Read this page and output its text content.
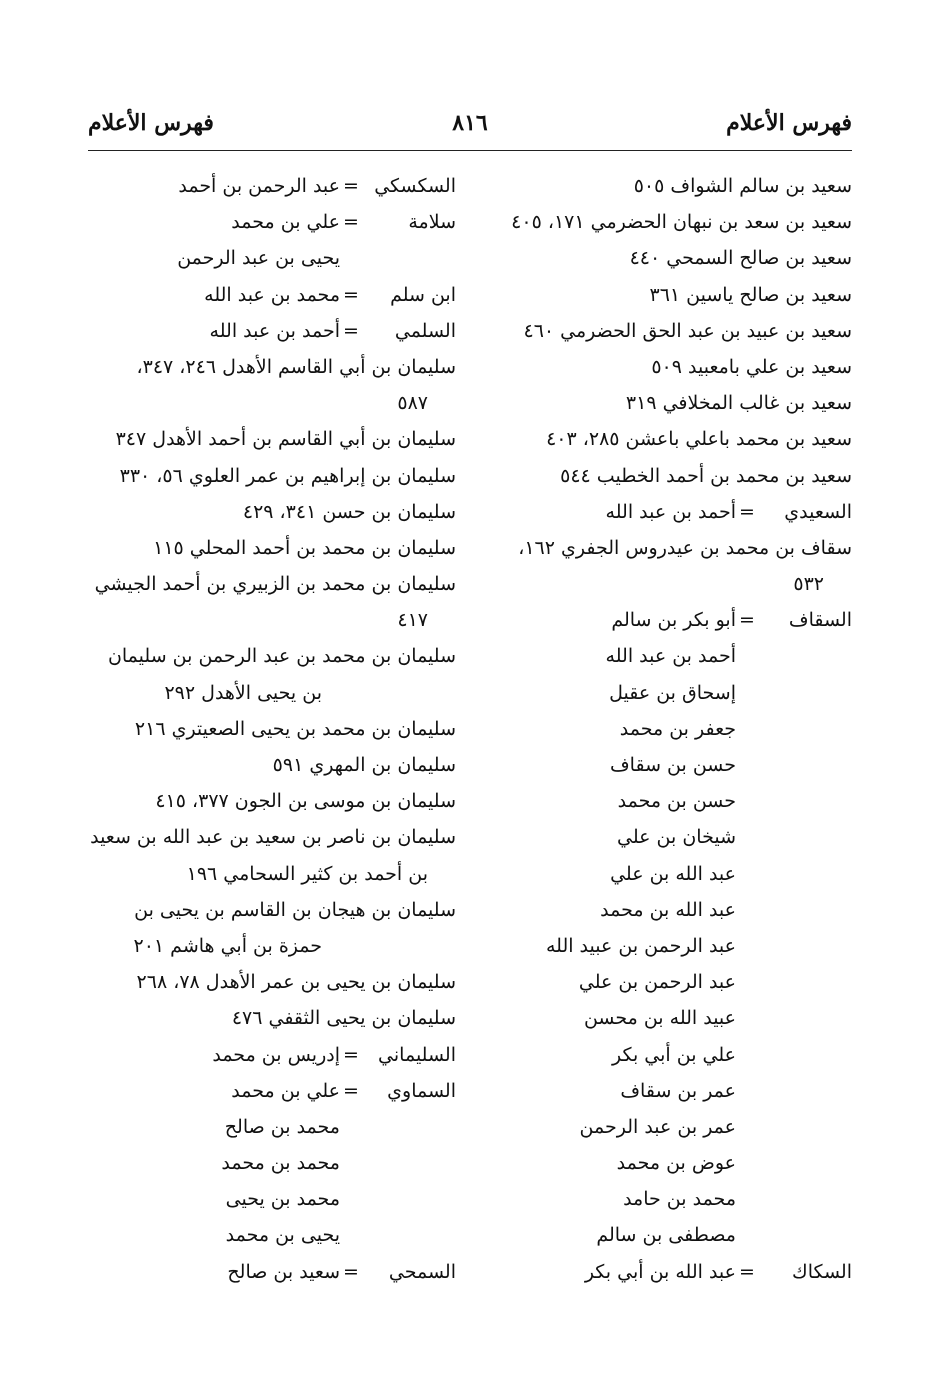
فهرس الأعلام
٨١٦
فهرس الأعلام
سعيد بن سالم الشواف ٥٠٥
سعيد بن سعد بن نبهان الحضرمي ١٧١، ٤٠٥
سعيد بن صالح السمحي ٤٤٠
سعيد بن صالح ياسين ٣٦١
سعيد بن عبيد بن عبد الحق الحضرمي ٤٦٠
سعيد بن علي بامعبيد ٥٠٩
سعيد بن غالب المخلافي ٣١٩
سعيد بن محمد باعلي باعشن ٢٨٥، ٤٠٣
سعيد بن محمد بن أحمد الخطيب ٥٤٤
السعيدي=أحمد بن عبد الله
سقاف بن محمد بن عيدروس الجفري ١٦٢،
٥٣٢
السقاف=أبو بكر بن سالم
أحمد بن عبد الله
إسحاق بن عقيل
جعفر بن محمد
حسن بن سقاف
حسن بن محمد
شيخان بن علي
عبد الله بن علي
عبد الله بن محمد
عبد الرحمن بن عبيد الله
عبد الرحمن بن علي
عبيد الله بن محسن
علي بن أبي بكر
عمر بن سقاف
عمر بن عبد الرحمن
عوض بن محمد
محمد بن حامد
مصطفى بن سالم
السكاك=عبد الله بن أبي بكر
السكسكي=عبد الرحمن بن أحمد
سلامة=علي بن محمد
يحيى بن عبد الرحمن
ابن سلم=محمد بن عبد الله
السلمي=أحمد بن عبد الله
سليمان بن أبي القاسم الأهدل ٢٤٦، ٣٤٧،
٥٨٧
سليمان بن أبي القاسم بن أحمد الأهدل ٣٤٧
سليمان بن إبراهيم بن عمر العلوي ٥٦، ٣٣٠
سليمان بن حسن ٣٤١، ٤٢٩
سليمان بن محمد بن أحمد المحلي ١١٥
سليمان بن محمد بن الزبيري بن أحمد الجيشي
٤١٧
سليمان بن محمد بن عبد الرحمن بن سليمان
بن يحيى الأهدل ٢٩٢
سليمان بن محمد بن يحيى الصعيتري ٢١٦
سليمان بن المهري ٥٩١
سليمان بن موسى بن الجون ٣٧٧، ٤١٥
سليمان بن ناصر بن سعيد بن عبد الله بن سعيد
بن أحمد بن كثير السحامي ١٩٦
سليمان بن هيجان بن القاسم بن يحيى بن
حمزة بن أبي هاشم ٢٠١
سليمان بن يحيى بن عمر الأهدل ٧٨، ٢٦٨
سليمان بن يحيى الثقفي ٤٧٦
السليماني=إدريس بن محمد
السماوي=علي بن محمد
محمد بن صالح
محمد بن محمد
محمد بن يحيى
يحيى بن محمد
السمحي=سعيد بن صالح
